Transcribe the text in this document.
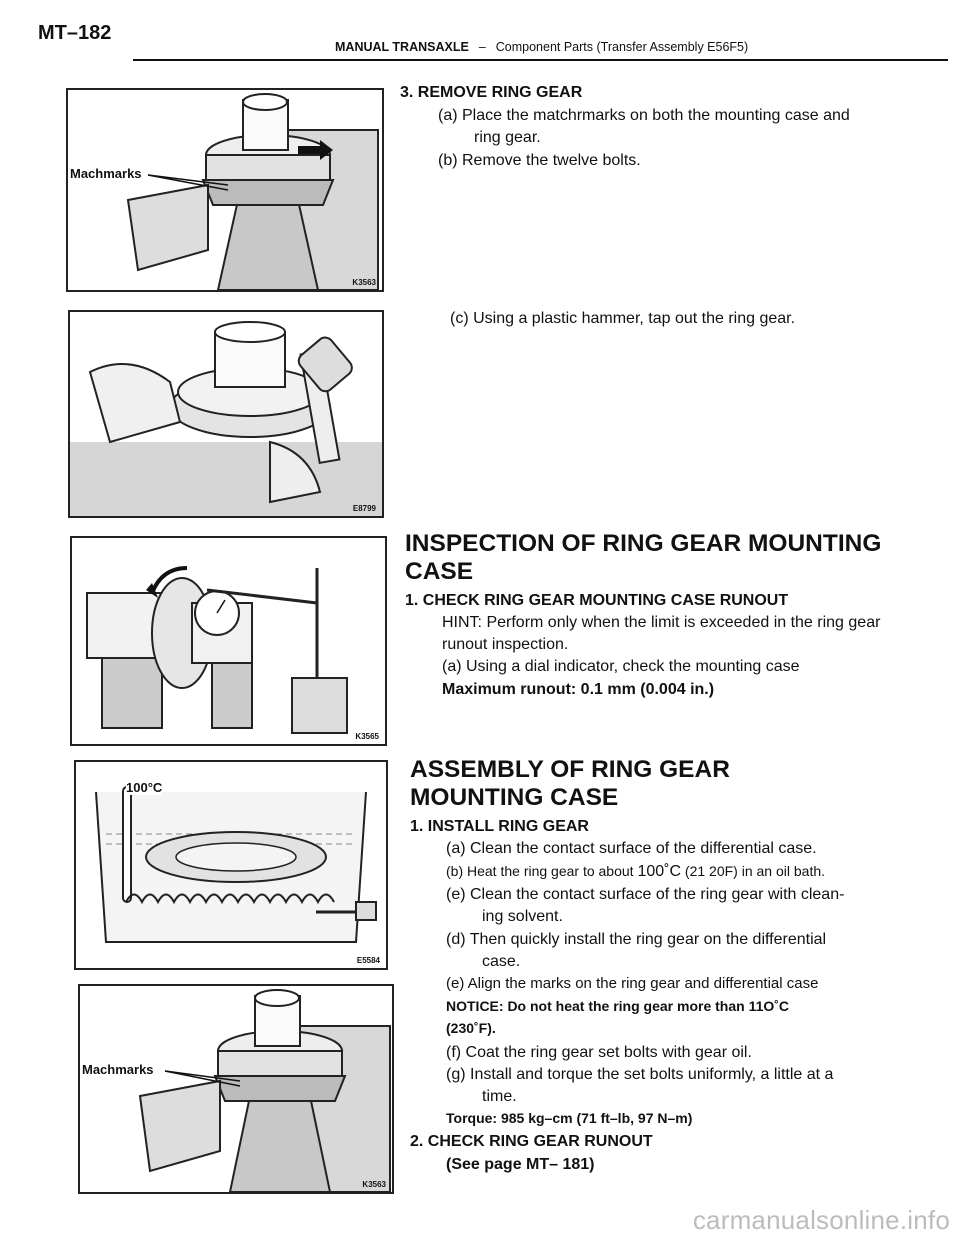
MT–182
MANUAL TRANSAXLE – Component Parts (Transfer Assembly E56F5)
Machmarks
K3563
E8799
K3565
100°C
E5584
Machmarks
K3563
3. REMOVE RING GEAR
(a) Place the matchrmarks on both the mounting case and
ring gear.
(b) Remove the twelve bolts.
(c) Using a plastic hammer, tap out the ring gear.
INSPECTION OF RING GEAR MOUNTING
CASE
1. CHECK RING GEAR MOUNTING CASE RUNOUT
HINT: Perform only when the limit is exceeded in the ring gear
runout inspection.
(a) Using a dial indicator, check the mounting case
Maximum runout: 0.1 mm (0.004 in.)
ASSEMBLY OF RING GEAR
MOUNTING CASE
1. INSTALL RING GEAR
(a) Clean the contact surface of the differential case.
(b) Heat the ring gear to about 100˚C (21 20F) in an oil bath.
(e) Clean the contact surface of the ring gear with clean-
ing solvent.
(d) Then quickly install the ring gear on the differential
case.
(e) Align the marks on the ring gear and differential case
NOTICE: Do not heat the ring gear more than 11O˚C
(230˚F).
(f) Coat the ring gear set bolts with gear oil.
(g) Install and torque the set bolts uniformly, a little at a
time.
Torque: 985 kg–cm (71 ft–lb, 97 N–m)
2. CHECK RING GEAR RUNOUT
(See page MT– 181)
carmanualsonline.info
